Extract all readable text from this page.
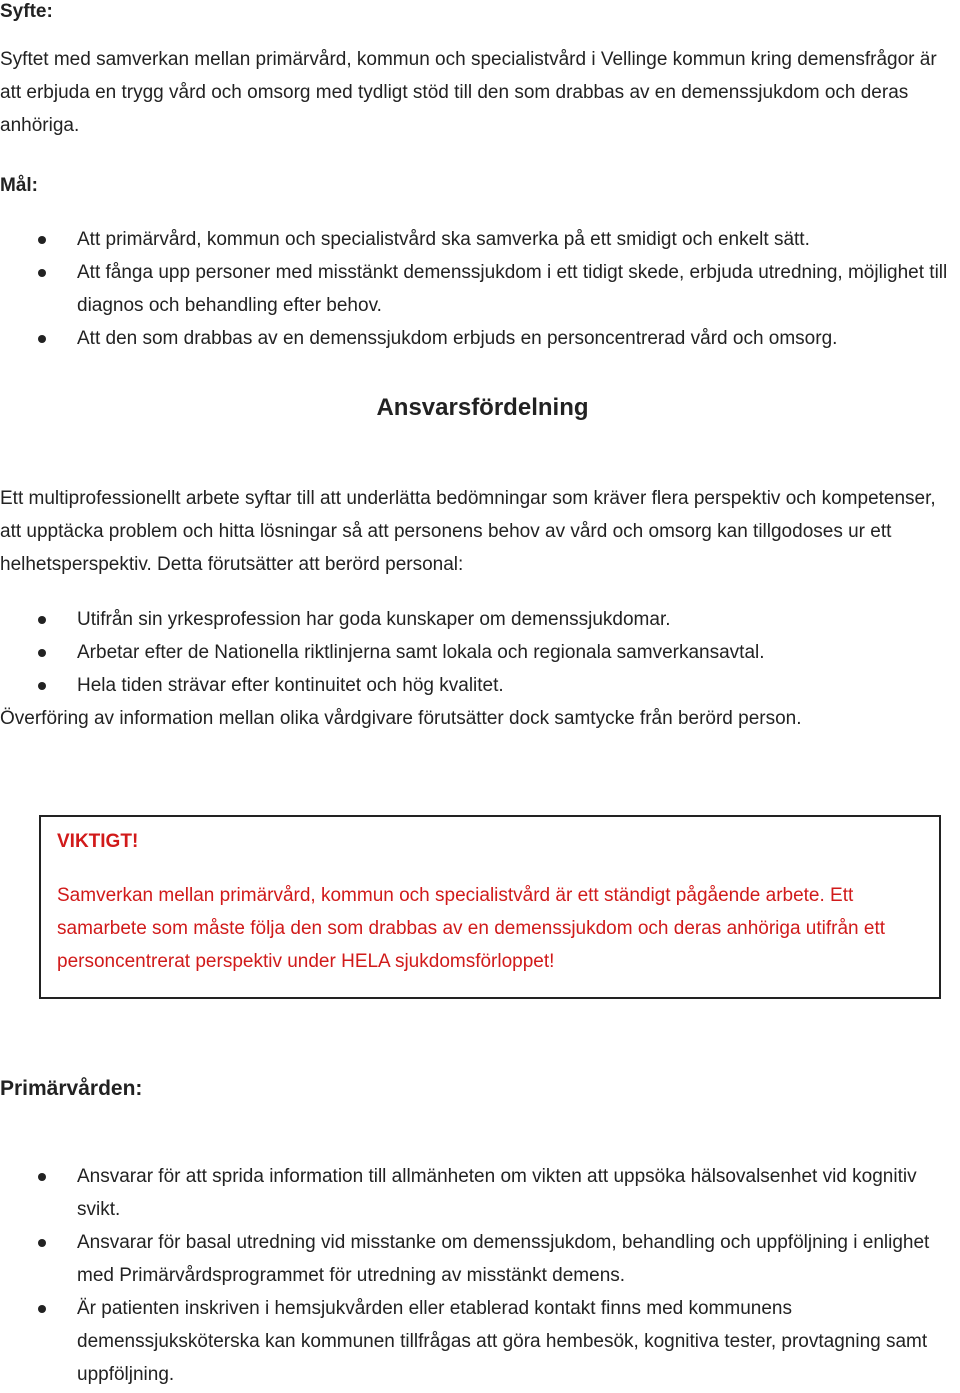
Syfte:

Syftet med samverkan mellan primärvård, kommun och specialistvård i Vellinge kommun kring demensfrågor är att erbjuda en trygg vård och omsorg med tydligt stöd till den som drabbas av en demenssjukdom och deras anhöriga.

Mål:

Att primärvård, kommun och specialistvård ska samverka på ett smidigt och enkelt sätt.
Att fånga upp personer med misstänkt demenssjukdom i ett tidigt skede, erbjuda utredning, möjlighet till diagnos och behandling efter behov.
Att den som drabbas av en demenssjukdom erbjuds en personcentrerad vård och omsorg.
Ansvarsfördelning

Ett multiprofessionellt arbete syftar till att underlätta bedömningar som kräver flera perspektiv och kompetenser, att upptäcka problem och hitta lösningar så att personens behov av vård och omsorg kan tillgodoses ur ett helhetsperspektiv. Detta förutsätter att berörd personal:

Utifrån sin yrkesprofession har goda kunskaper om demenssjukdomar.
Arbetar efter de Nationella riktlinjerna samt lokala och regionala samverkansavtal.
Hela tiden strävar efter kontinuitet och hög kvalitet.

Överföring av information mellan olika vårdgivare förutsätter dock samtycke från berörd person.

VIKTIGT!

Samverkan mellan primärvård, kommun och specialistvård är ett ständigt pågående arbete. Ett samarbete som måste följa den som drabbas av en demenssjukdom och deras anhöriga utifrån ett personcentrerat perspektiv under HELA sjukdomsförloppet!

Primärvården:

Ansvarar för att sprida information till allmänheten om vikten att uppsöka hälsovalsenhet vid kognitiv svikt.
Ansvarar för basal utredning vid misstanke om demenssjukdom, behandling och uppföljning i enlighet med Primärvårdsprogrammet för utredning av misstänkt demens.
Är patienten inskriven i hemsjukvården eller etablerad kontakt finns med kommunens demenssjuksköterska kan kommunen tillfrågas att göra hembesök, kognitiva tester, provtagning samt uppföljning.
